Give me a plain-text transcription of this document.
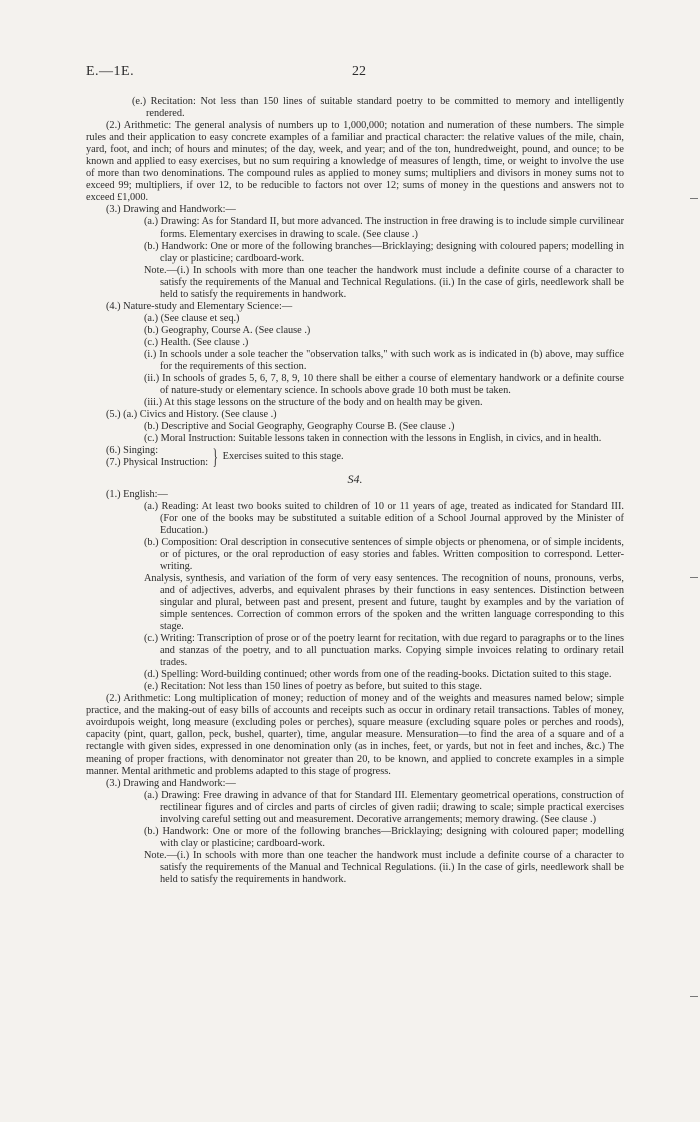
E.—1E.	22

(e.) Recitation: Not less than 150 lines of suitable standard poetry to be committed to memory and intelligently rendered.

(2.) Arithmetic: The general analysis of numbers up to 1,000,000; notation and numeration of these numbers. The simple rules and their application to easy concrete examples of a familiar and practical character: the relative values of the mile, chain, yard, foot, and inch; of hours and minutes; of the day, week, and year; and of the ton, hundredweight, pound, and ounce; to be known and applied to easy exercises, but no sum requiring a knowledge of measures of length, time, or weight to involve the use of more than two denominations. The compound rules as applied to money sums; multipliers and divisors in money sums not to exceed 99; multipliers, if over 12, to be reducible to factors not over 12; sums of money in the questions and answers not to exceed £1,000.

(3.) Drawing and Handwork:—

(a.) Drawing: As for Standard II, but more advanced. The instruction in free drawing is to include simple curvilinear forms. Elementary exercises in drawing to scale. (See clause .)

(b.) Handwork: One or more of the following branches—Bricklaying; designing with coloured papers; modelling in clay or plasticine; cardboard-work.

Note.—(i.) In schools with more than one teacher the handwork must include a definite course of a character to satisfy the requirements of the Manual and Technical Regulations. (ii.) In the case of girls, needlework shall be held to satisfy the requirements in handwork.

(4.) Nature-study and Elementary Science:—

(a.) (See clause et seq.)

(b.) Geography, Course A. (See clause .)

(c.) Health. (See clause .)

(i.) In schools under a sole teacher the "observation talks," with such work as is indicated in (b) above, may suffice for the requirements of this section.

(ii.) In schools of grades 5, 6, 7, 8, 9, 10 there shall be either a course of elementary handwork or a definite course of nature-study or elementary science. In schools above grade 10 both must be taken.

(iii.) At this stage lessons on the structure of the body and on health may be given.

(5.) (a.) Civics and History. (See clause .)

(b.) Descriptive and Social Geography, Geography Course B. (See clause .)

(c.) Moral Instruction: Suitable lessons taken in connection with the lessons in English, in civics, and in health.

(6.) Singing:
(7.) Physical Instruction: } Exercises suited to this stage.
S4.

(1.) English:—

(a.) Reading: At least two books suited to children of 10 or 11 years of age, treated as indicated for Standard III. (For one of the books may be substituted a suitable edition of a School Journal approved by the Minister of Education.)

(b.) Composition: Oral description in consecutive sentences of simple objects or phenomena, or of simple incidents, or of pictures, or the oral reproduction of easy stories and fables. Written composition to correspond. Letter-writing.

Analysis, synthesis, and variation of the form of very easy sentences. The recognition of nouns, pronouns, verbs, and of adjectives, adverbs, and equivalent phrases by their functions in easy sentences. Distinction between singular and plural, between past and present, present and future, taught by examples and by the variation of simple sentences. Correction of common errors of the spoken and the written language corresponding to this stage.

(c.) Writing: Transcription of prose or of the poetry learnt for recitation, with due regard to paragraphs or to the lines and stanzas of the poetry, and to all punctuation marks. Copying simple invoices relating to ordinary retail trades.

(d.) Spelling: Word-building continued; other words from one of the reading-books. Dictation suited to this stage.

(e.) Recitation: Not less than 150 lines of poetry as before, but suited to this stage.

(2.) Arithmetic: Long multiplication of money; reduction of money and of the weights and measures named below; simple practice, and the making-out of easy bills of accounts and receipts such as occur in ordinary retail transactions. Tables of money, avoirdupois weight, long measure (excluding poles or perches), square measure (excluding square poles or perches and roods), capacity (pint, quart, gallon, peck, bushel, quarter), time, angular measure. Mensuration—to find the area of a square and of a rectangle with given sides, expressed in one denomination only (as in inches, feet, or yards, but not in feet and inches, &c.) The meaning of proper fractions, with denominator not greater than 20, to be known, and applied to concrete examples in a simple manner. Mental arithmetic and problems adapted to this stage of progress.

(3.) Drawing and Handwork:—

(a.) Drawing: Free drawing in advance of that for Standard III. Elementary geometrical operations, construction of rectilinear figures and of circles and parts of circles of given radii; drawing to scale; simple practical exercises involving careful setting out and measurement. Decorative arrangements; memory drawing. (See clause .)

(b.) Handwork: One or more of the following branches—Bricklaying; designing with coloured paper; modelling with clay or plasticine; cardboard-work.

Note.—(i.) In schools with more than one teacher the handwork must include a definite course of a character to satisfy the requirements of the Manual and Technical Regulations. (ii.) In the case of girls, needlework shall be held to satisfy the requirements in handwork.
